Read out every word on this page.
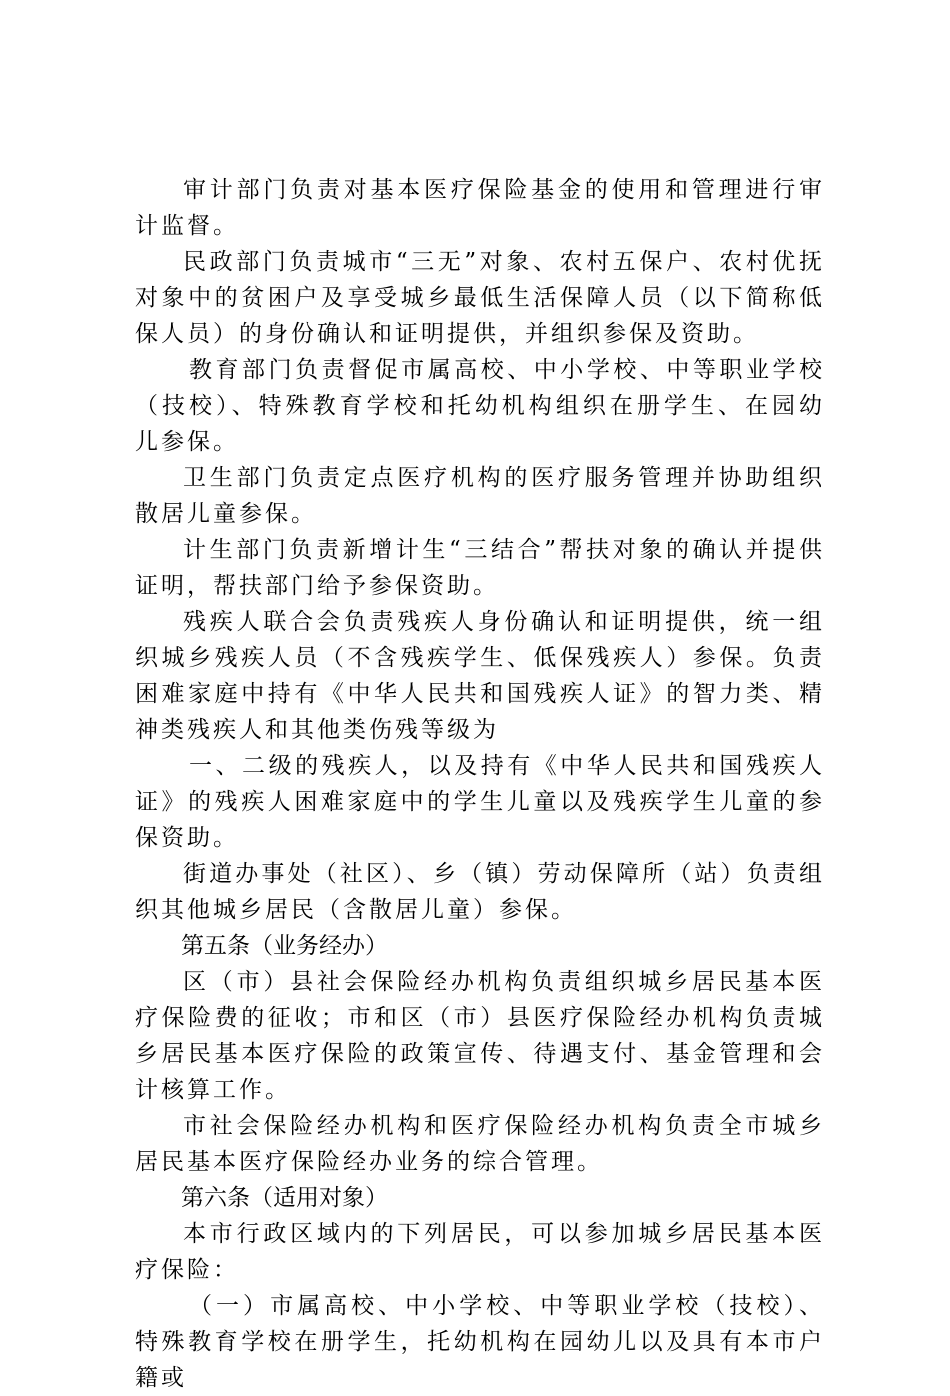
审计部门负责对基本医疗保险基金的使用和管理进行审计监督。

民政部门负责城市“三无”对象、农村五保户、农村优抚对象中的贫困户及享受城乡最低生活保障人员（以下简称低保人员）的身份确认和证明提供，并组织参保及资助。

教育部门负责督促市属高校、中小学校、中等职业学校（技校）、特殊教育学校和托幼机构组织在册学生、在园幼儿参保。

卫生部门负责定点医疗机构的医疗服务管理并协助组织散居儿童参保。

计生部门负责新增计生“三结合”帮扶对象的确认并提供证明，帮扶部门给予参保资助。

残疾人联合会负责残疾人身份确认和证明提供，统一组织城乡残疾人员（不含残疾学生、低保残疾人）参保。负责困难家庭中持有《中华人民共和国残疾人证》的智力类、精神类残疾人和其他类伤残等级为

一、二级的残疾人，以及持有《中华人民共和国残疾人证》的残疾人困难家庭中的学生儿童以及残疾学生儿童的参保资助。

街道办事处（社区）、乡（镇）劳动保障所（站）负责组织其他城乡居民（含散居儿童）参保。

第五条（业务经办）

区（市）县社会保险经办机构负责组织城乡居民基本医疗保险费的征收；市和区（市）县医疗保险经办机构负责城乡居民基本医疗保险的政策宣传、待遇支付、基金管理和会计核算工作。

市社会保险经办机构和医疗保险经办机构负责全市城乡居民基本医疗保险经办业务的综合管理。

第六条（适用对象）

本市行政区域内的下列居民，可以参加城乡居民基本医疗保险：

（一）市属高校、中小学校、中等职业学校（技校）、特殊教育学校在册学生，托幼机构在园幼儿以及具有本市户籍或
